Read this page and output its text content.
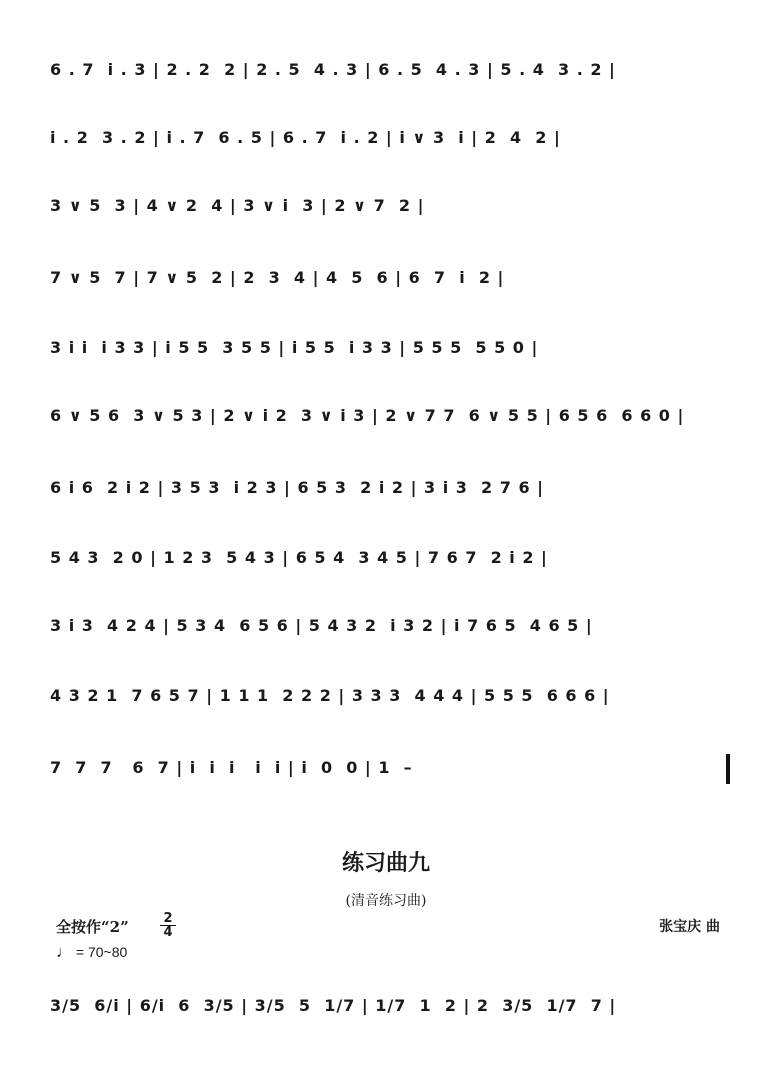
6 . 7  i . 3 | 2 . 2  2 | 2 . 5  4 . 3 | 6 . 5  4 . 3 | 5 . 4  3 . 2 |
i . 2  3 . 2 | i . 7  6 . 5 | 6 . 7  i . 2 | i ∨ 3  i | 2  4  2 |
3 ∨ 5  3 | 4 ∨ 2  4 | 3 ∨ i  3 | 2 ∨ 7  2 |
7 ∨ 5  7 | 7 ∨ 5  2 | 2  3  4 | 4  5  6 | 6  7  i  2 |
3 i i  i 3 3 | i 5 5  3 5 5 | i 5 5  i 3 3 | 5 5 5  5 5 0 |
6 ∨ 5 6  3 ∨ 5 3 | 2 ∨ i 2  3 ∨ i 3 | 2 ∨ 7 7  6 ∨ 5 5 | 6 5 6  6 6 0 |
6 i 6  2 i 2 | 3 5 3  i 2 3 | 6 5 3  2 i 2 | 3 i 3  2 7 6 |
5 4 3  2 0 | 1 2 3  5 4 3 | 6 5 4  3 4 5 | 7 6 7  2 i 2 |
3 i 3  4 2 4 | 5 3 4  6 5 6 | 5 4 3 2  i 3 2 | i 7 6 5  4 6 5 |
4 3 2 1  7 6 5 7 | 1 1 1  2 2 2 | 3 3 3  4 4 4 | 5 5 5  6 6 6 |
7  7  7   6  7 | i  i  i   i  i | i  0  0 | 1  –
练习曲九
(清音练习曲)
全按作“2”	2
4
♩ = 70~80
张宝庆 曲
3/5  6/i | 6/i  6  3/5 | 3/5  5  1/7 | 1/7  1  2 | 2  3/5  1/7  7 |
